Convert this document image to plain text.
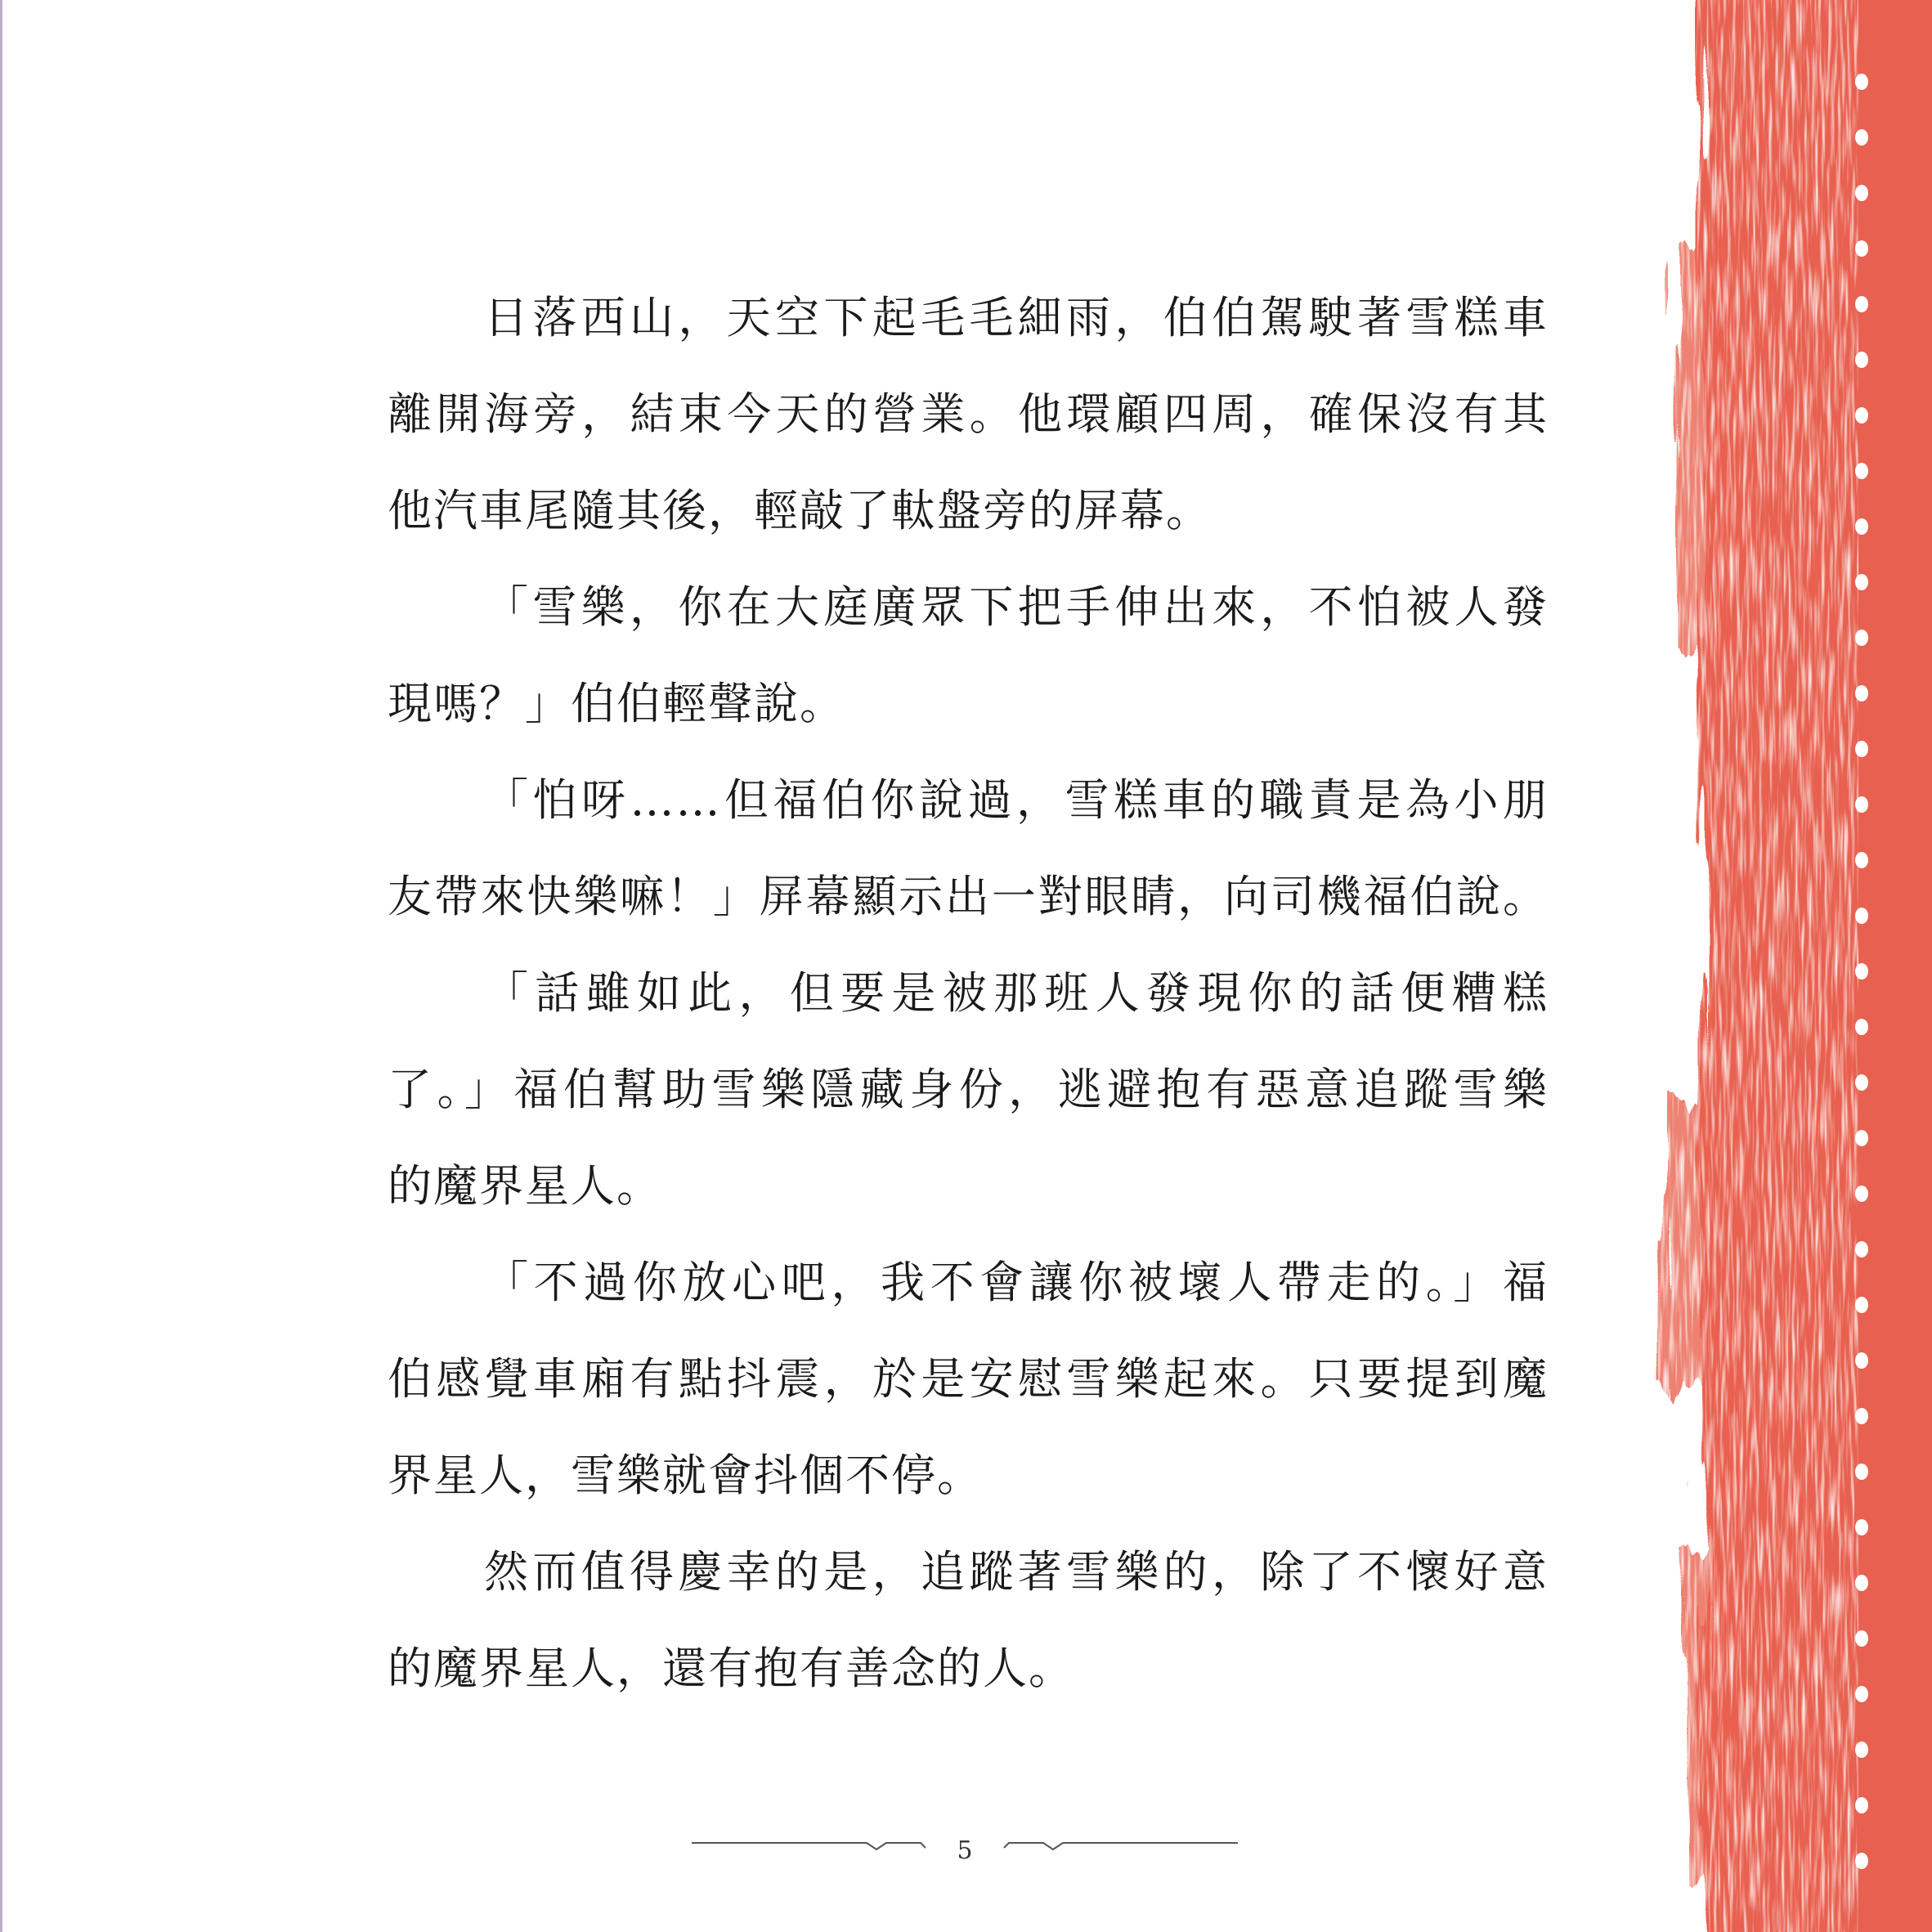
日落西山，天空下起毛毛細雨，伯伯駕駛著雪糕車
離開海旁，結束今天的營業。他環顧四周，確保沒有其
他汽車尾隨其後，輕敲了軚盤旁的屏幕。
「雪樂，你在大庭廣眾下把手伸出來，不怕被人發
現嗎？」伯伯輕聲說。
「怕呀……但福伯你說過，雪糕車的職責是為小朋
友帶來快樂嘛！」屏幕顯示出一對眼睛，向司機福伯說。
「話雖如此，但要是被那班人發現你的話便糟糕
了。」福伯幫助雪樂隱藏身份，逃避抱有惡意追蹤雪樂
的魔界星人。
「不過你放心吧，我不會讓你被壞人帶走的。」福
伯感覺車廂有點抖震，於是安慰雪樂起來。只要提到魔
界星人，雪樂就會抖個不停。
然而值得慶幸的是，追蹤著雪樂的，除了不懷好意
的魔界星人，還有抱有善念的人。
5
